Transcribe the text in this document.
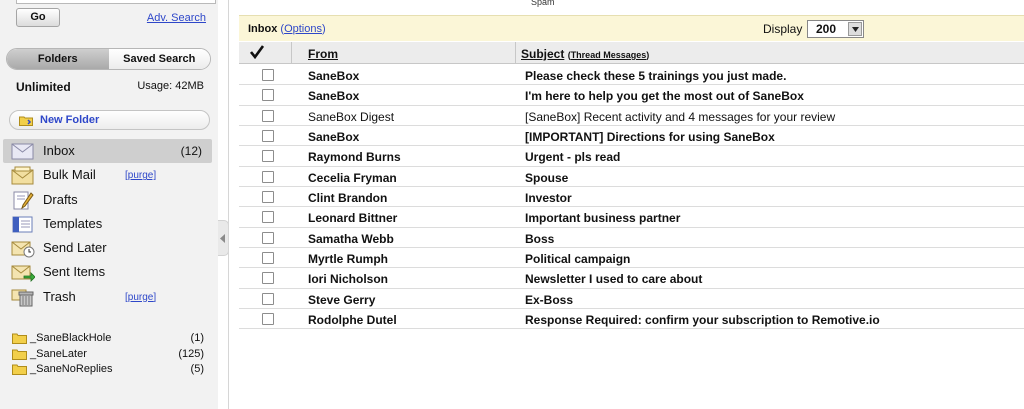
Go	Adv. Search
Folders	Saved Search
Unlimited	Usage: 42MB
New Folder
Inbox	(12)
Bulk Mail	[purge]
Drafts
Templates
Send Later
Sent Items
Trash	[purge]
_SaneBlackHole	(1)
_SaneLater	(125)
_SaneNoReplies	(5)
Spam
Inbox (Options)	Display 200
From	Subject (Thread Messages)
SaneBox	Please check these 5 trainings you just made.
SaneBox	I'm here to help you get the most out of SaneBox
SaneBox Digest	[SaneBox] Recent activity and 4 messages for your review
SaneBox	[IMPORTANT] Directions for using SaneBox
Raymond Burns	Urgent - pls read
Cecelia Fryman	Spouse
Clint Brandon	Investor
Leonard Bittner	Important business partner
Samatha Webb	Boss
Myrtle Rumph	Political campaign
Iori Nicholson	Newsletter I used to care about
Steve Gerry	Ex-Boss
Rodolphe Dutel	Response Required: confirm your subscription to Remotive.io
